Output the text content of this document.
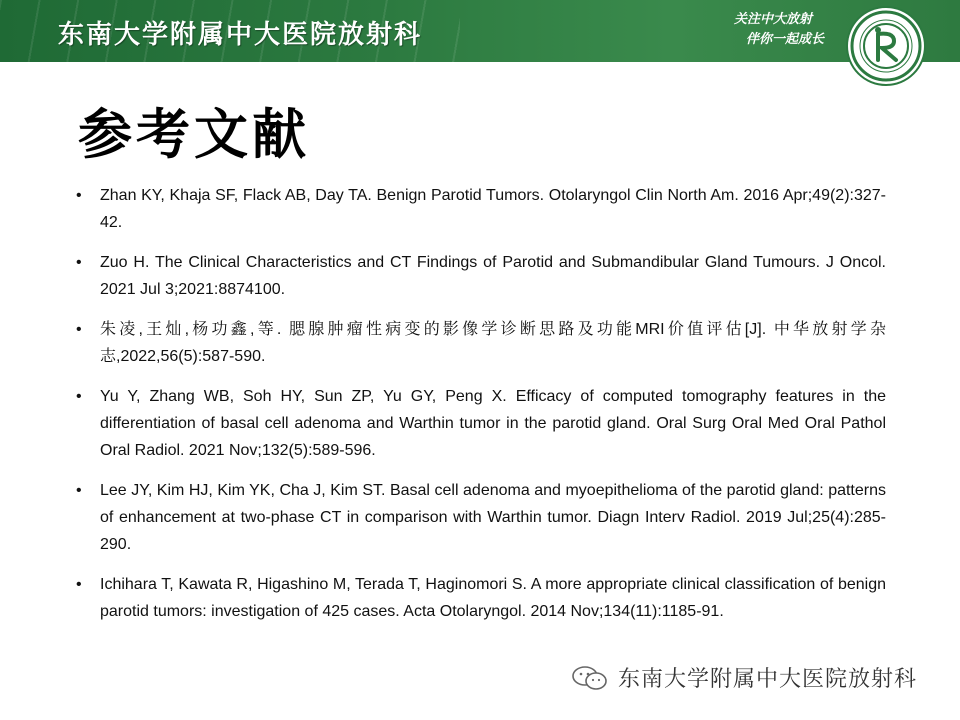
东南大学附属中大医院放射科
关注中大放射
伴你一起成长
参考文献
• Zhan KY, Khaja SF, Flack AB, Day TA. Benign Parotid Tumors. Otolaryngol Clin North Am. 2016 Apr;49(2):327-42.
• Zuo H. The Clinical Characteristics and CT Findings of Parotid and Submandibular Gland Tumours. J Oncol. 2021 Jul 3;2021:8874100.
• 朱凌,王灿,杨功鑫,等. 腮腺肿瘤性病变的影像学诊断思路及功能MRI价值评估[J]. 中华放射学杂志,2022,56(5):587-590.
• Yu Y, Zhang WB, Soh HY, Sun ZP, Yu GY, Peng X. Efficacy of computed tomography features in the differentiation of basal cell adenoma and Warthin tumor in the parotid gland. Oral Surg Oral Med Oral Pathol Oral Radiol. 2021 Nov;132(5):589-596.
• Lee JY, Kim HJ, Kim YK, Cha J, Kim ST. Basal cell adenoma and myoepithelioma of the parotid gland: patterns of enhancement at two-phase CT in comparison with Warthin tumor. Diagn Interv Radiol. 2019 Jul;25(4):285-290.
• Ichihara T, Kawata R, Higashino M, Terada T, Haginomori S. A more appropriate clinical classification of benign parotid tumors: investigation of 425 cases. Acta Otolaryngol. 2014 Nov;134(11):1185-91.
东南大学附属中大医院放射科
